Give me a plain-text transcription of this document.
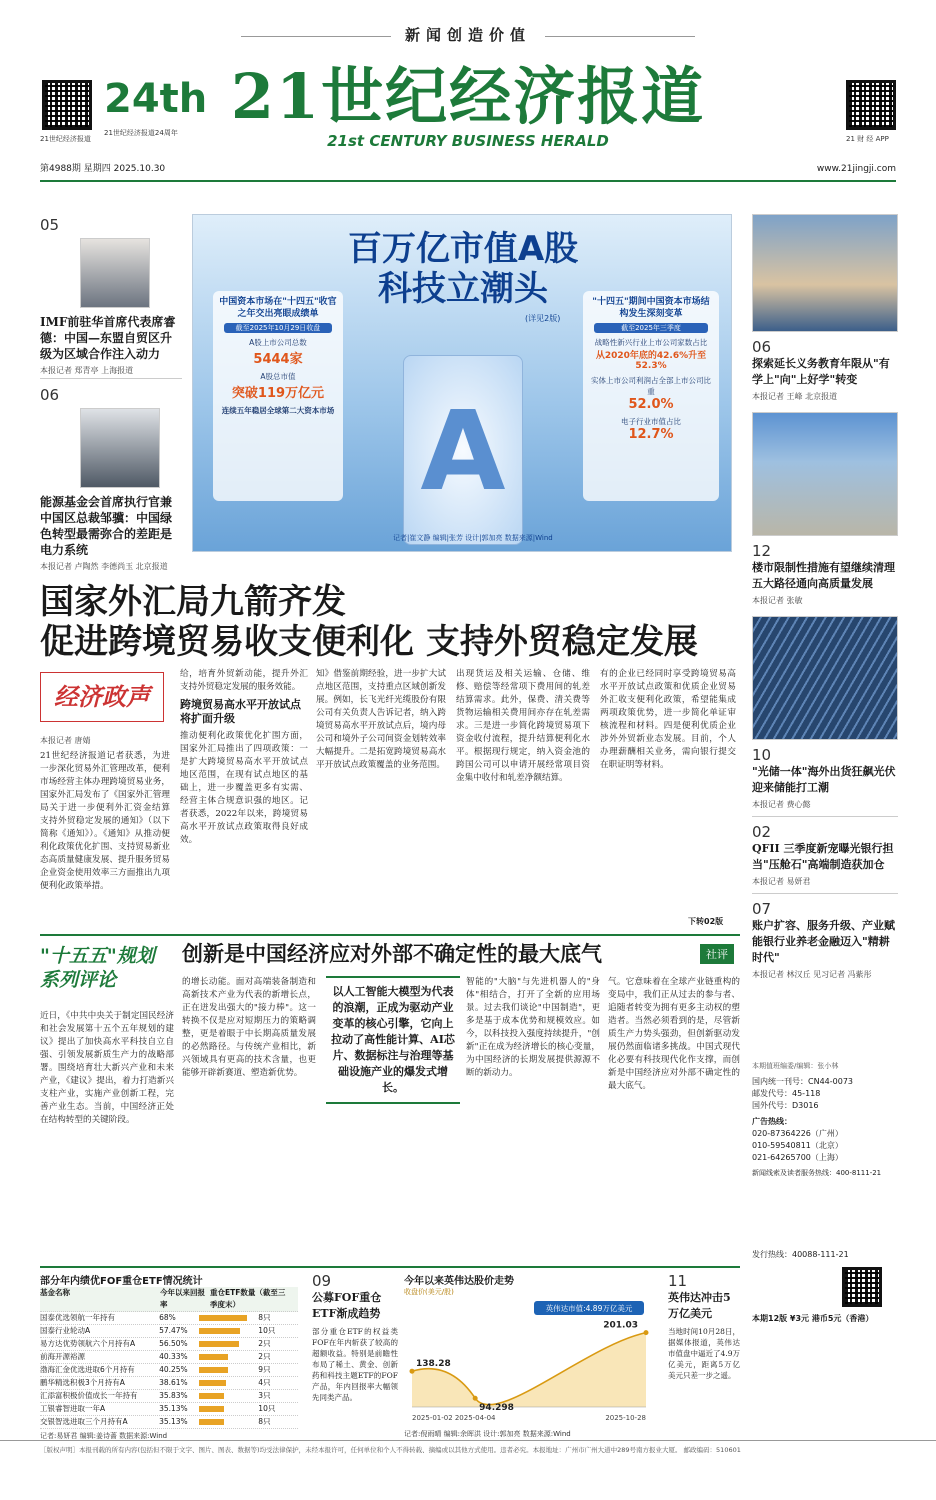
新闻创造价值
21世纪经济报道
24th
21世纪经济报道24周年 21世纪经济报道
21st CENTURY BUSINESS HERALD	21 财 经 APP
第4988期 星期四 2025.10.30	www.21jingji.com
05
IMF前驻华首席代表席睿德：中国—东盟自贸区升级为区域合作注入动力
本报记者 郑青亭 上海报道
06
能源基金会首席执行官兼中国区总裁邹骥：中国绿色转型最需弥合的差距是电力系统
本报记者 卢陶然 李德尚玉 北京报道
百万亿市值A股
科技立潮头
(详见2版)
中国资本市场在"十四五"收官之年交出亮眼成绩单
截至2025年10月29日收盘
A股上市公司总数
5444家
A股总市值
突破119万亿元
连续五年稳居全球第二大资本市场 A
"十四五"期间中国资本市场结构发生深刻变革
截至2025年三季度
战略性新兴行业上市公司家数占比
从2020年底的42.6%升至52.3%
实体上市公司利润占全部上市公司比重
52.0%
电子行业市值占比
12.7%
记者|崔文静 编辑|张芳 设计|郭加亮 数据来源|Wind
06
探索延长义务教育年限从"有学上"向"上好学"转变
本报记者 王峰 北京报道
12
楼市限制性措施有望继续清理五大路径通向高质量发展
本报记者 张敏
10
"光储一体"海外出货狂飙光伏迎来储能打工潮
本报记者 费心懿
02
QFII 三季度新宠曝光银行担当"压舱石"高端制造获加仓
本报记者 易妍君
07
账户扩容、服务升级、产业赋能银行业养老金融迈入"精耕时代"
本报记者 林汉丘 见习记者 冯紫彤
本期值班编委/编辑：张小林
国内统一刊号：CN44-0073
邮发代号：45-118
国外代号：D3016
广告热线：
020-87364226（广州）
010-59540811（北京）
021-64265700（上海）
新闻线索及读者服务热线：400-8111-21
发行热线：40088-111-21
本期12版 ¥3元 港币5元（香港）
国家外汇局九箭齐发
促进跨境贸易收支便利化 支持外贸稳定发展
经济政声
本报记者 唐婧
21世纪经济报道记者获悉，为进一步深化贸易外汇管理改革，便利市场经营主体办理跨境贸易业务，国家外汇局发布了《国家外汇管理局关于进一步便利外汇资金结算 支持外贸稳定发展的通知》（以下简称《通知》）。《通知》从推动便利化政策优化扩围、支持贸易新业态高质量健康发展、提升服务贸易企业资金使用效率三方面推出九项便利化政策举措。
给，培育外贸新动能，提升外汇支持外贸稳定发展的服务效能。
跨境贸易高水平开放试点将扩面升级
推动便利化政策优化扩围方面，国家外汇局推出了四项政策：一是扩大跨境贸易高水平开放试点地区范围，在现有试点地区的基础上，进一步覆盖更多有实需、经营主体合规意识强的地区。记者获悉，2022年以来，跨境贸易高水平开放试点政策取得良好成效。
知》借鉴前期经验，进一步扩大试点地区范围，支持重点区域创新发展。例如，长飞光纤光缆股份有限公司有关负责人告诉记者，纳入跨境贸易高水平开放试点后，境内母公司和境外子公司间资金划转效率大幅提升。二是拓宽跨境贸易高水平开放试点政策覆盖的业务范围。
出现货运及相关运输、仓储、维修、赔偿等经常项下费用间的轧差结算需求。此外，保费、清关费等货物运输相关费用间亦存在轧差需求。三是进一步简化跨境贸易项下资金收付流程，提升结算便利化水平。根据现行规定，纳入资金池的跨国公司可以申请开展经常项目资金集中收付和轧差净额结算。
有的企业已经同时享受跨境贸易高水平开放试点政策和优质企业贸易外汇收支便利化政策，希望能集成两项政策优势，进一步简化单证审核流程和材料。四是便利优质企业涉外外贸新业态发展。目前，个人办理薪酬相关业务，需向银行提交在职证明等材料。
下转02版
"十五五"规划
系列评论
创新是中国经济应对外部不确定性的最大底气	社评
近日，《中共中央关于制定国民经济和社会发展第十五个五年规划的建议》提出了加快高水平科技自立自强、引领发展新质生产力的战略部署。围绕培育壮大新兴产业和未来产业，《建议》提出，着力打造新兴支柱产业，实施产业创新工程，完善产业生态。当前，中国经济正处在结构转型的关键阶段。
的增长动能。面对高端装备制造和高新技术产业为代表的新增长点，正在迸发出强大的"接力棒"。这一转换不仅是应对短期压力的策略调整，更是着眼于中长期高质量发展的必然路径。与传统产业相比，新兴领域具有更高的技术含量，也更能够开辟新赛道、塑造新优势。
以人工智能大模型为代表的浪潮，正成为驱动产业变革的核心引擎，它向上拉动了高性能计算、AI芯片、数据标注与治理等基础设施产业的爆发式增长。
智能的"大脑"与先进机器人的"身体"相结合，打开了全新的应用场景。过去我们谈论"中国制造"，更多是基于成本优势和规模效应。如今，以科技投入强度持续提升，"创新"正在成为经济增长的核心变量，为中国经济的长期发展提供源源不断的新动力。
气。它意味着在全球产业链重构的变局中，我们正从过去的参与者、追随者转变为拥有更多主动权的塑造者。当然必须看到的是，尽管新质生产力势头强劲，但创新驱动发展仍然面临诸多挑战。中国式现代化必要有科技现代化作支撑，而创新是中国经济应对外部不确定性的最大底气。
部分年内绩优FOF重仓ETF情况统计
基金名称	今年以来回报率
重仓ETF数量（截至三季度末）
国泰优选领航一年持有	68%	8只
国泰行业轮动A	57.47%	10只
易方达优势领航六个月持有A	56.50%	2只
前海开源裕源	40.33%	2只
渤海汇金优选进取6个月持有	40.25%	9只
鹏华精选积极3个月持有A	38.61%	4只
汇添富积极价值成长一年持有	35.83%	3只
工银睿智进取一年A	35.13%	10只
交银智选进取三个月持有A	35.13%	8只
记者:易妍君 编辑:姜诗蔷 数据来源:Wind
09
公募FOF重仓ETF渐成趋势
部分重仓ETF的权益类FOF在年内斩获了较高的超额收益。特别是前瞻性布局了稀土、黄金、创新药和科技主题ETF的FOF产品，年内回报率大幅领先同类产品。
今年以来英伟达股价走势
收盘价(美元/股)
138.28
2025-01-02
94.298
2025-04-04
201.03
2025-10-28
英伟达市值:4.89万亿美元
记者:倪雨晴 编辑:余晖洪 设计:郭加亮 数据来源:Wind
11
英伟达冲击5万亿美元
当地时间10月28日，据媒体报道，英伟达市值盘中逼近了4.9万亿美元，距离5万亿美元只差一步之遥。
［版权声明］本报刊载的所有内容(包括但不限于文字、图片、图表、数据等)均受法律保护，未经本报许可，任何单位和个人不得转载、摘编或以其他方式使用。违者必究。本报地址：广州市广州大道中289号南方报业大厦。 邮政编码：510601
